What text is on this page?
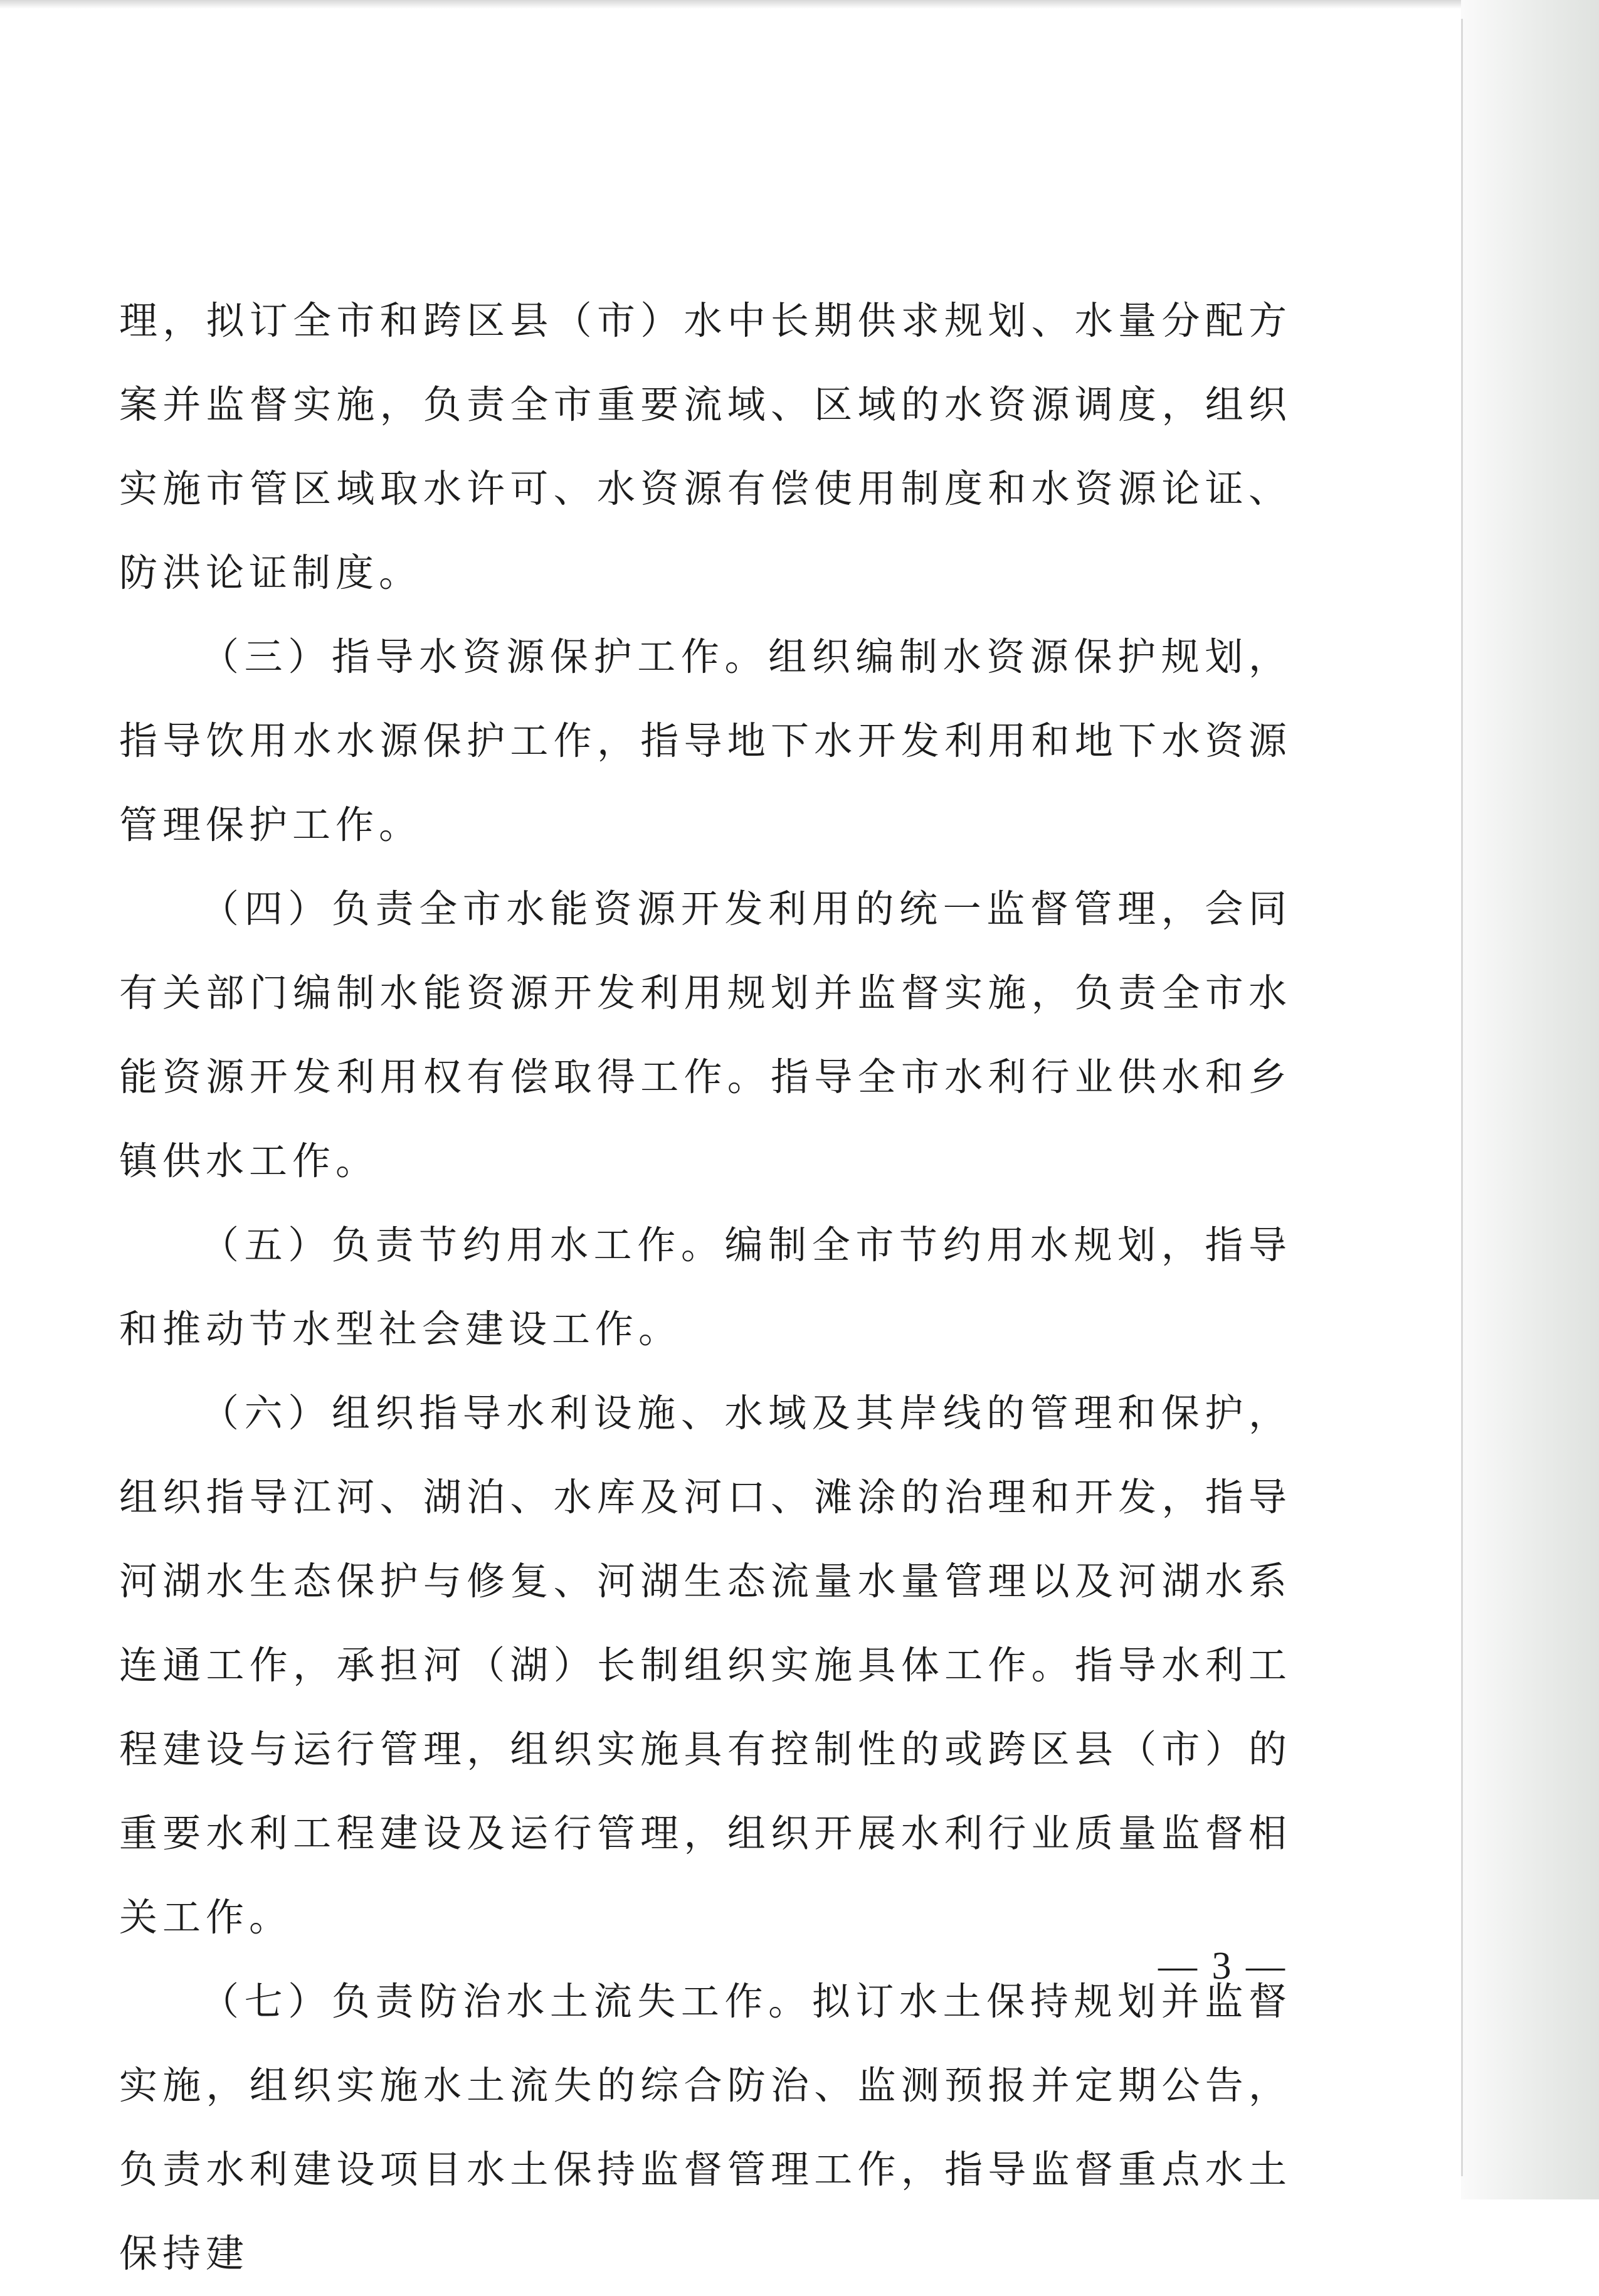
理，拟订全市和跨区县（市）水中长期供求规划、水量分配方案并监督实施，负责全市重要流域、区域的水资源调度，组织实施市管区域取水许可、水资源有偿使用制度和水资源论证、防洪论证制度。

（三）指导水资源保护工作。组织编制水资源保护规划，指导饮用水水源保护工作，指导地下水开发利用和地下水资源管理保护工作。

（四）负责全市水能资源开发利用的统一监督管理，会同有关部门编制水能资源开发利用规划并监督实施，负责全市水能资源开发利用权有偿取得工作。指导全市水利行业供水和乡镇供水工作。

（五）负责节约用水工作。编制全市节约用水规划，指导和推动节水型社会建设工作。

（六）组织指导水利设施、水域及其岸线的管理和保护，组织指导江河、湖泊、水库及河口、滩涂的治理和开发，指导河湖水生态保护与修复、河湖生态流量水量管理以及河湖水系连通工作，承担河（湖）长制组织实施具体工作。指导水利工程建设与运行管理，组织实施具有控制性的或跨区县（市）的重要水利工程建设及运行管理，组织开展水利行业质量监督相关工作。

（七）负责防治水土流失工作。拟订水土保持规划并监督实施，组织实施水土流失的综合防治、监测预报并定期公告，负责水利建设项目水土保持监督管理工作，指导监督重点水土保持建

— 3 —
